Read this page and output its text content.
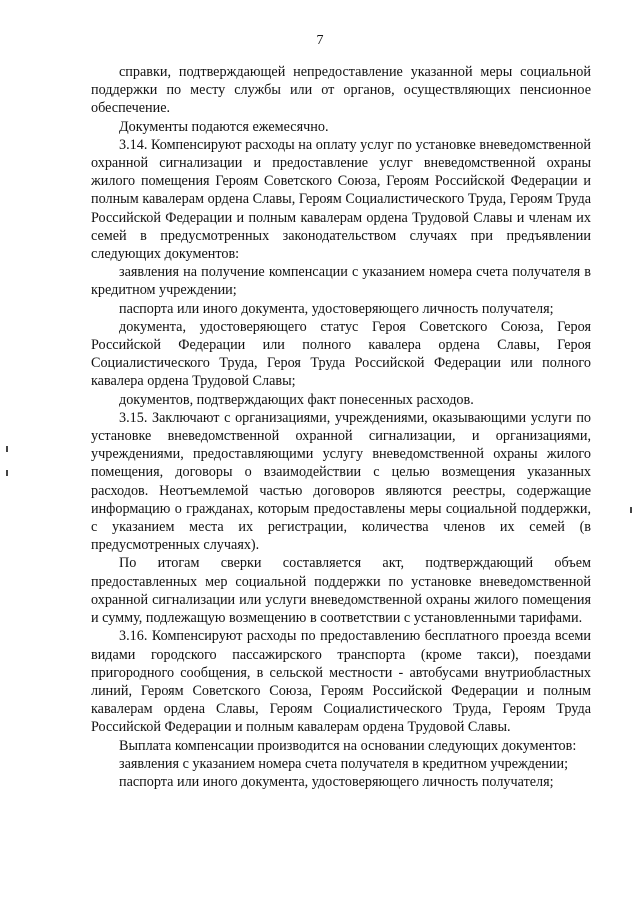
7

справки, подтверждающей непредоставление указанной меры социальной поддержки по месту службы или от органов, осуществляющих пенсионное обеспечение.

Документы подаются ежемесячно.

3.14. Компенсируют расходы на оплату услуг по установке вневедомственной охранной сигнализации и предоставление услуг вневедомственной охраны жилого помещения Героям Советского Союза, Героям Российской Федерации и полным кавалерам ордена Славы, Героям Социалистического Труда, Героям Труда Российской Федерации и полным кавалерам ордена Трудовой Славы и членам их семей в предусмотренных законодательством случаях при предъявлении следующих документов:

заявления на получение компенсации с указанием номера счета получателя в кредитном учреждении;

паспорта или иного документа, удостоверяющего личность получателя;

документа, удостоверяющего статус Героя Советского Союза, Героя Российской Федерации или полного кавалера ордена Славы, Героя Социалистического Труда, Героя Труда Российской Федерации или полного кавалера ордена Трудовой Славы;

документов, подтверждающих факт понесенных расходов.

3.15. Заключают с организациями, учреждениями, оказывающими услуги по установке вневедомственной охранной сигнализации, и организациями, учреждениями, предоставляющими услугу вневедомственной охраны жилого помещения, договоры о взаимодействии с целью возмещения указанных расходов. Неотъемлемой частью договоров являются реестры, содержащие информацию о гражданах, которым предоставлены меры социальной поддержки, с указанием места их регистрации, количества членов их семей (в предусмотренных случаях).

По итогам сверки составляется акт, подтверждающий объем предоставленных мер социальной поддержки по установке вневедомственной охранной сигнализации или услуги вневедомственной охраны жилого помещения и сумму, подлежащую возмещению в соответствии с установленными тарифами.

3.16. Компенсируют расходы по предоставлению бесплатного проезда всеми видами городского пассажирского транспорта (кроме такси), поездами пригородного сообщения, в сельской местности - автобусами внутриобластных линий, Героям Советского Союза, Героям Российской Федерации и полным кавалерам ордена Славы, Героям Социалистического Труда, Героям Труда Российской Федерации и полным кавалерам ордена Трудовой Славы.

Выплата компенсации производится на основании следующих документов:

заявления с указанием номера счета получателя в кредитном учреждении;

паспорта или иного документа, удостоверяющего личность получателя;
